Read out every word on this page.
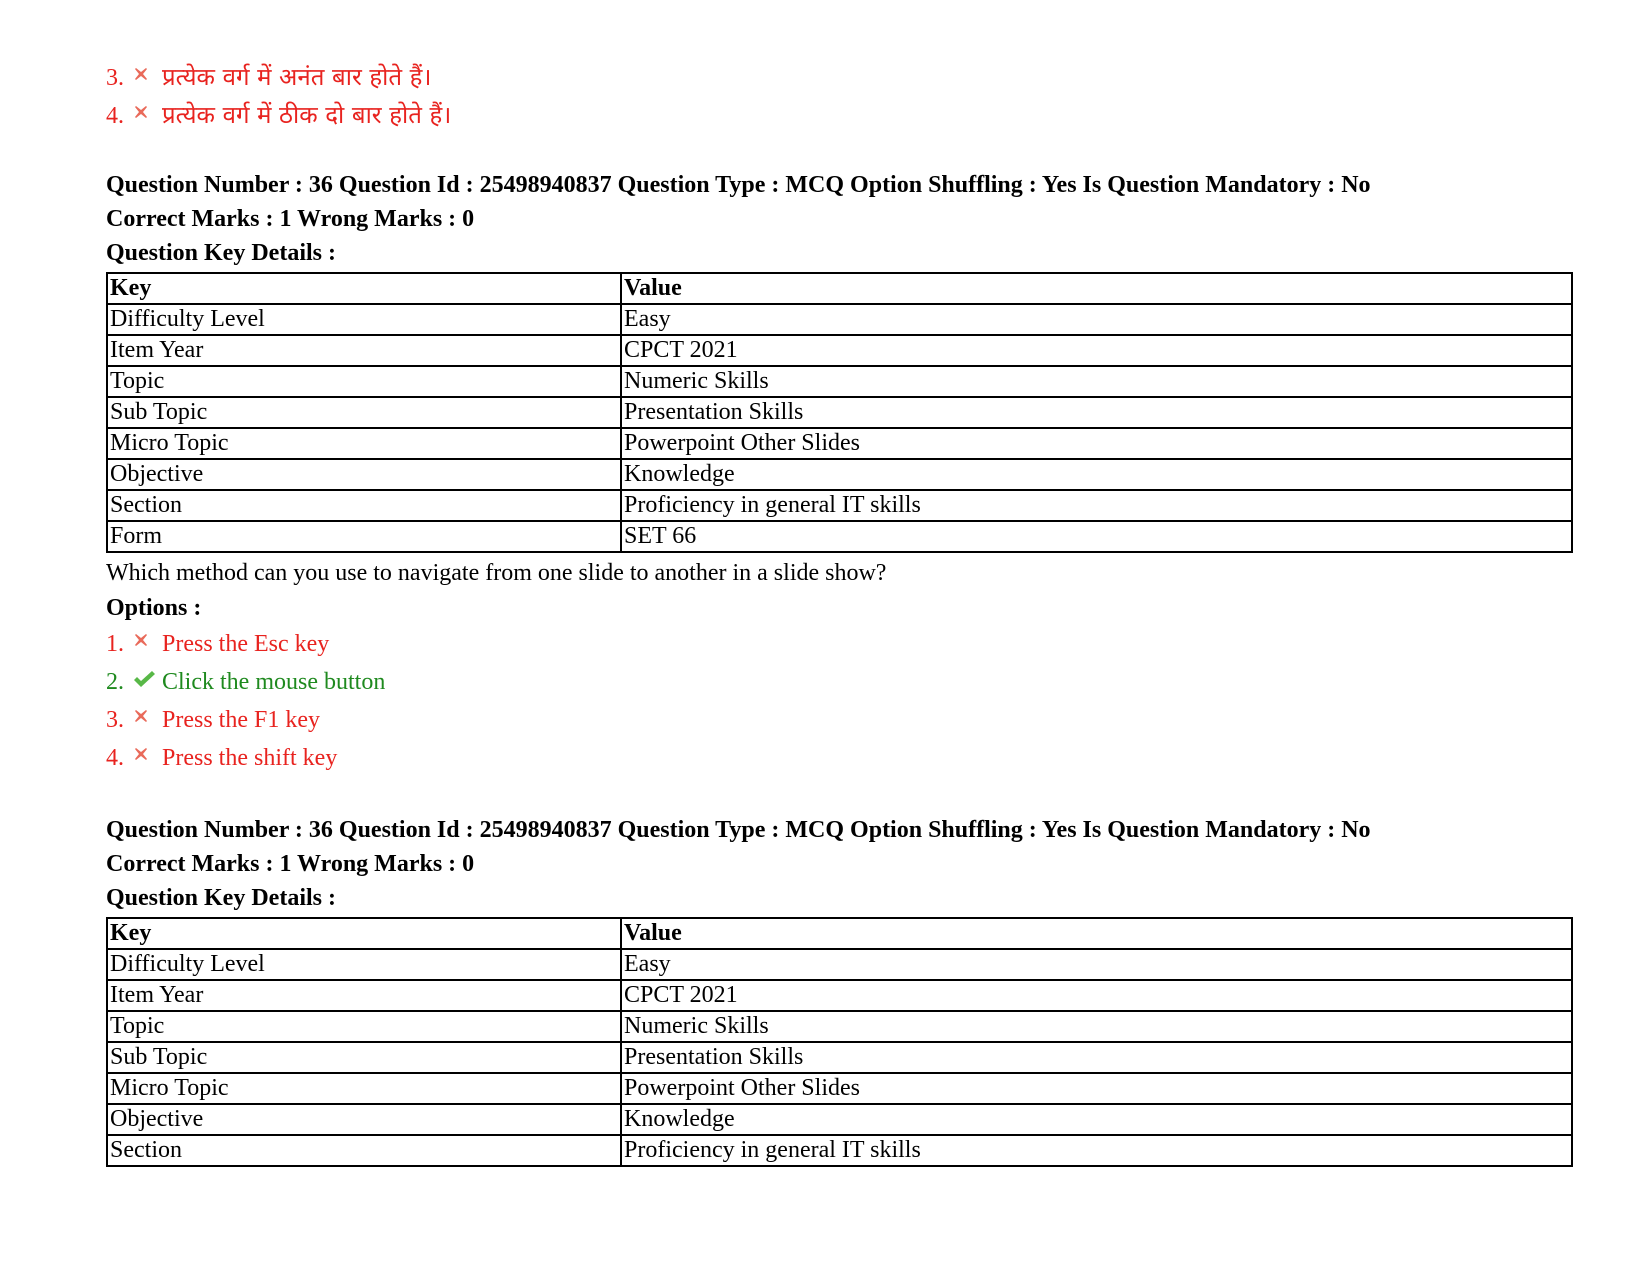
3.	प्रत्येक वर्ग में अनंत बार होते हैं।
4.	प्रत्येक वर्ग में ठीक दो बार होते हैं।
Question Number : 36 Question Id : 25498940837 Question Type : MCQ Option Shuffling : Yes Is Question Mandatory : No
Correct Marks : 1 Wrong Marks : 0
Question Key Details :
Key	Value
Difficulty Level	Easy
Item Year	CPCT 2021
Topic	Numeric Skills
Sub Topic	Presentation Skills
Micro Topic	Powerpoint Other Slides
Objective	Knowledge
Section	Proficiency in general IT skills
Form	SET 66
Which method can you use to navigate from one slide to another in a slide show?
Options :
1.	Press the Esc key
2.	Click the mouse button
3.	Press the F1 key
4.	Press the shift key
Question Number : 36 Question Id : 25498940837 Question Type : MCQ Option Shuffling : Yes Is Question Mandatory : No
Correct Marks : 1 Wrong Marks : 0
Question Key Details :
Key	Value
Difficulty Level	Easy
Item Year	CPCT 2021
Topic	Numeric Skills
Sub Topic	Presentation Skills
Micro Topic	Powerpoint Other Slides
Objective	Knowledge
Section	Proficiency in general IT skills
